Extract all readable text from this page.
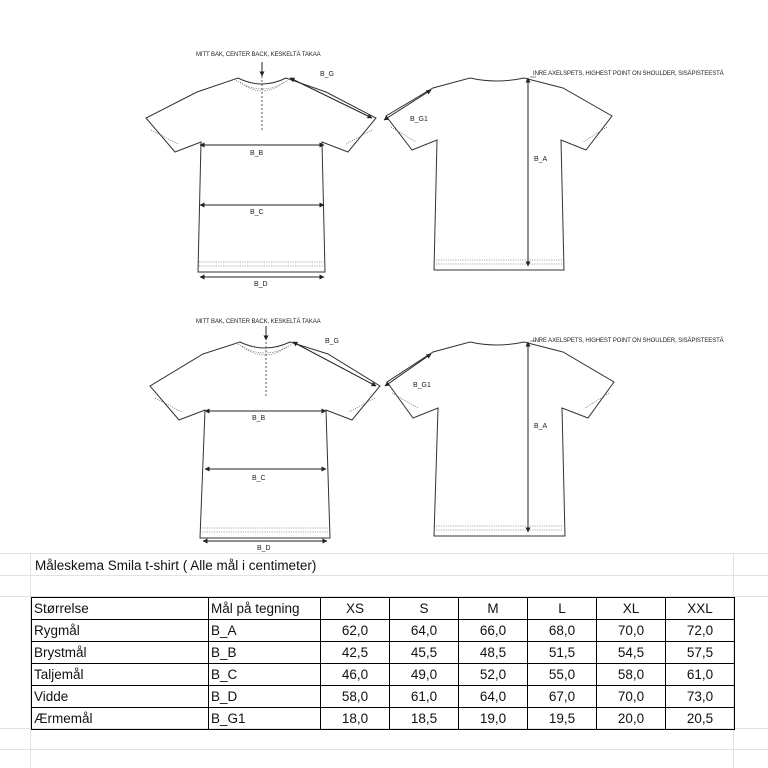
MITT BAK, CENTER BACK, KESKELTÄ TAKAA
B_G
B_B
B_C
B_D
INRE AXELSPETS, HIGHEST POINT ON SHOULDER, SISÄPISTEESTÄ
B_G1
B_A
MITT BAK, CENTER BACK, KESKELTÄ TAKAA
B_G
B_B
B_C
B_D
INRE AXELSPETS, HIGHEST POINT ON SHOULDER, SISÄPISTEESTÄ
B_G1
B_A
Måleskema Smila t-shirt ( Alle mål i centimeter)
Størrelse	Mål på tegning	XS	S	M	L	XL	XXL
Rygmål	B_A	62,0	64,0	66,0	68,0	70,0	72,0
Brystmål	B_B	42,5	45,5	48,5	51,5	54,5	57,5
Taljemål	B_C	46,0	49,0	52,0	55,0	58,0	61,0
Vidde	B_D	58,0	61,0	64,0	67,0	70,0	73,0
Ærmemål	B_G1	18,0	18,5	19,0	19,5	20,0	20,5
